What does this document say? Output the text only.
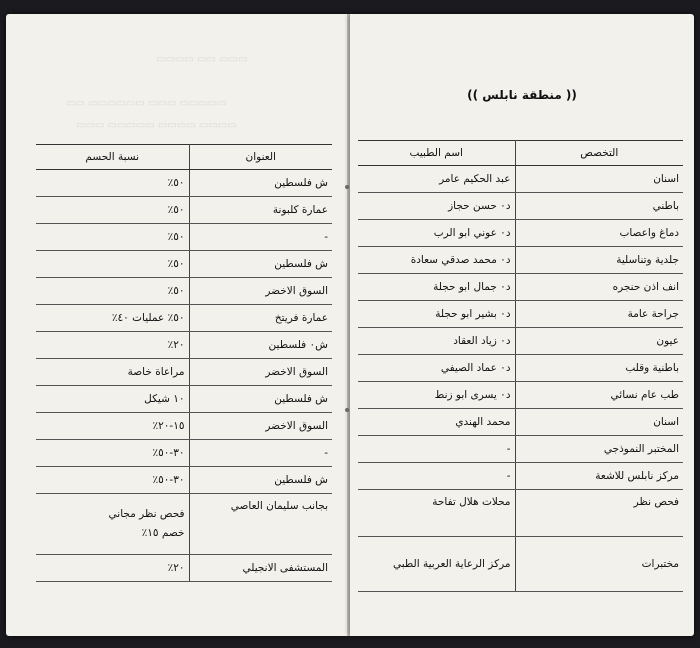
▭▭▭ ▭▭ ▭▭▭▭
▭▭▭▭▭ ▭▭▭ ▭▭▭▭▭▭ ▭▭
▭▭▭▭ ▭▭▭▭ ▭▭▭▭▭ ▭▭▭
العنوان	نسبة الحسم
ش فلسطين	٥٠٪
عمارة كلبونة	٥٠٪
-	٥٠٪
ش فلسطين	٥٠٪
السوق الاخضر	٥٠٪
عمارة فريتخ	٥٠٪ عمليات ٤٠٪
ش٠ فلسطين	٢٠٪
السوق الاخضر	مراعاة خاصة
ش فلسطين	١٠ شيكل
السوق الاخضر	١٥-٢٠٪
-	٣٠-٥٠٪
ش فلسطين	٣٠-٥٠٪
بجانب سليمان العاصي	فحص نظر مجاني
خصم ١٥٪

المستشفى الانجيلي	٢٠٪
(( منطقة نابلس ))
التخصص	اسم الطبيب
اسنان	عبد الحكيم عامر
باطني	د٠ حسن حجاز
دماغ واعصاب	د٠ عوني ابو الرب
جلدية وتناسلية	د٠ محمد صدقي سعادة
انف اذن حنجره	د٠ جمال ابو حجلة
جراحة عامة	د٠ بشير ابو حجلة
عيون	د٠ زياد العقاد
باطنية وقلب	د٠ عماد الصيفي
طب عام نسائي	د٠ يسرى ابو زنط
اسنان	محمد الهندي
المختبر النموذجي	-
مركز نابلس للاشعة	-
فحص نظر	محلات هلال تفاحة
مختبرات	مركز الرعاية العربية الطبي
